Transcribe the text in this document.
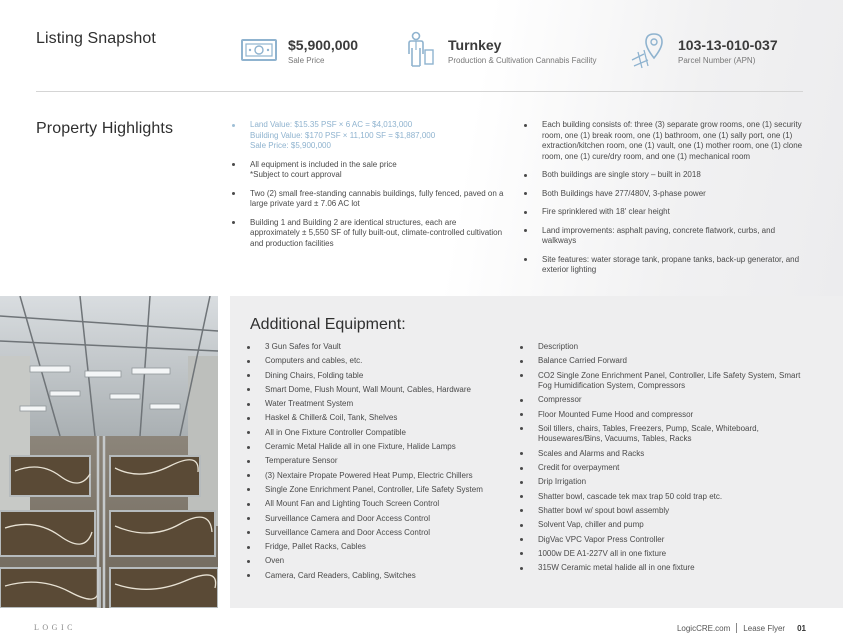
Listing Snapshot	$5,900,000
Sale Price
Turnkey
Production & Cultivation Cannabis Facility
103-13-010-037
Parcel Number (APN)
Property Highlights	Land Value: $15.35 PSF × 6 AC = $4,013,000
Building Value: $170 PSF × 11,100 SF = $1,887,000
Sale Price: $5,900,000
All equipment is included in the sale price
*Subject to court approval
Two (2) small free-standing cannabis buildings, fully fenced, paved on a large private yard ± 7.06 AC lot
Building 1 and Building 2 are identical structures, each are approximately ± 5,550 SF of fully built-out, climate-controlled cultivation and production facilities
Each building consists of: three (3) separate grow rooms, one (1) security room, one (1) break room, one (1) bathroom, one (1) sally port, one (1) extraction/kitchen room, one (1) vault, one (1) mother room, one (1) clone room, one (1) cure/dry room, and one (1) mechanical room
Both buildings are single story – built in 2018
Both Buildings have 277/480V, 3-phase power
Fire sprinklered with 18' clear height
Land improvements: asphalt paving, concrete flatwork, curbs, and walkways
Site features: water storage tank, propane tanks, back-up generator, and exterior lighting
Additional Equipment:
3 Gun Safes for Vault
Computers and cables, etc.
Dining Chairs, Folding table
Smart Dome, Flush Mount, Wall Mount, Cables, Hardware
Water Treatment System
Haskel & Chiller& Coil, Tank, Shelves
All in One Fixture Controller Compatible
Ceramic Metal Halide all in one Fixture, Halide Lamps
Temperature Sensor
(3) Nextaire Propate Powered Heat Pump, Electric Chillers
Single Zone Enrichment Panel, Controller, Life Safety System
All Mount Fan and Lighting Touch Screen Control
Surveillance Camera and Door Access Control
Surveillance Camera and Door Access Control
Fridge, Pallet Racks, Cables
Oven
Camera, Card Readers, Cabling, Switches
Description
Balance Carried Forward
CO2 Single Zone Enrichment Panel, Controller, Life Safety System, Smart Fog Humidification System, Compressors
Compressor
Floor Mounted Fume Hood and compressor
Soil tillers, chairs, Tables, Freezers, Pump, Scale, Whiteboard, Housewares/Bins, Vacuums, Tables, Racks
Scales and Alarms and Racks
Credit for overpayment
Drip Irrigation
Shatter bowl, cascade tek max trap 50 cold trap etc.
Shatter bowl w/ spout bowl assembly
Solvent Vap, chiller and pump
DigVac VPC Vapor Press Controller
1000w DE A1-227V all in one fixture
315W Ceramic metal halide all in one fixture
LOGIC	LogicCRE.com Lease Flyer 01
